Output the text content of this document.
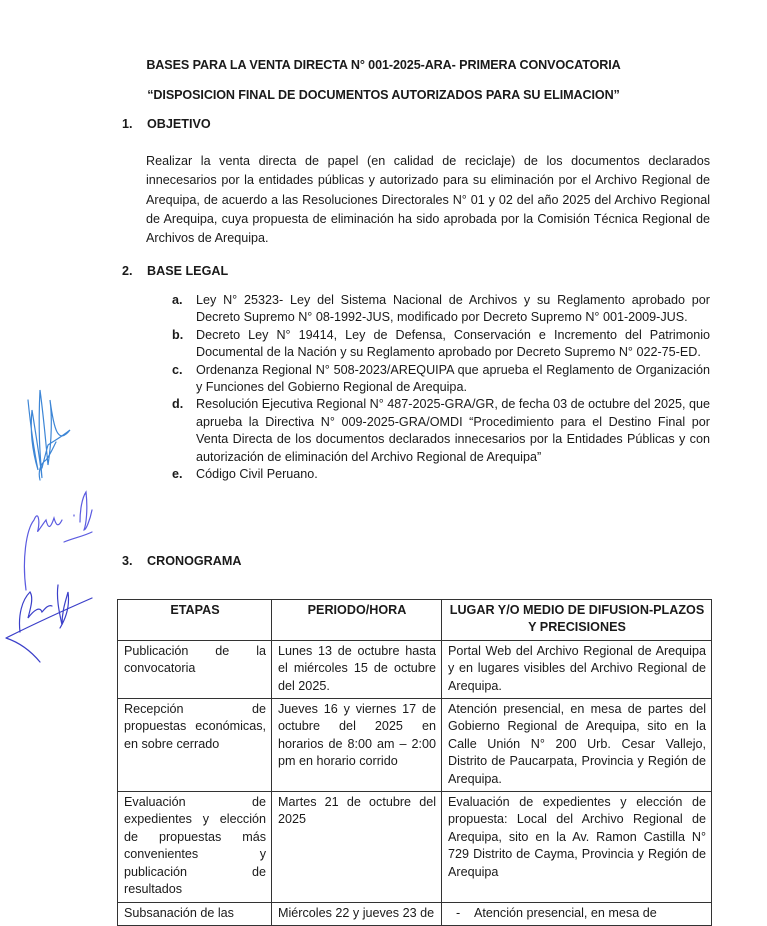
BASES PARA LA VENTA DIRECTA N° 001-2025-ARA- PRIMERA CONVOCATORIA
“DISPOSICION FINAL DE DOCUMENTOS AUTORIZADOS PARA SU ELIMACION”
1. OBJETIVO

Realizar la venta directa de papel (en calidad de reciclaje) de los documentos declarados innecesarios por la entidades públicas y autorizado para su eliminación por el Archivo Regional de Arequipa, de acuerdo a las Resoluciones Directorales N° 01 y 02 del año 2025 del Archivo Regional de Arequipa, cuya propuesta de eliminación ha sido aprobada por la Comisión Técnica Regional de Archivos de Arequipa.

2. BASE LEGAL
a. Ley N° 25323- Ley del Sistema Nacional de Archivos y su Reglamento aprobado por Decreto Supremo N° 08-1992-JUS, modificado por Decreto Supremo N° 001-2009-JUS.
b. Decreto Ley N° 19414, Ley de Defensa, Conservación e Incremento del Patrimonio Documental de la Nación y su Reglamento aprobado por Decreto Supremo N° 022-75-ED.
c. Ordenanza Regional N° 508-2023/AREQUIPA que aprueba el Reglamento de Organización y Funciones del Gobierno Regional de Arequipa.
d. Resolución Ejecutiva Regional N° 487-2025-GRA/GR, de fecha 03 de octubre del 2025, que aprueba la Directiva N° 009-2025-GRA/OMDI “Procedimiento para el Destino Final por Venta Directa de los documentos declarados innecesarios por la Entidades Públicas y con autorización de eliminación del Archivo Regional de Arequipa”
e. Código Civil Peruano.
3. CRONOGRAMA
ETAPAS	PERIODO/HORA	LUGAR Y/O MEDIO DE DIFUSION-PLAZOS Y PRECISIONES
Publicación de la convocatoria	Lunes 13 de octubre hasta el miércoles 15 de octubre del 2025.	Portal Web del Archivo Regional de Arequipa y en lugares visibles del Archivo Regional de Arequipa.
Recepción de propuestas económicas, en sobre cerrado	Jueves 16 y viernes 17 de octubre del 2025 en horarios de 8:00 am – 2:00 pm en horario corrido	Atención presencial, en mesa de partes del Gobierno Regional de Arequipa, sito en la Calle Unión N° 200 Urb. Cesar Vallejo, Distrito de Paucarpata, Provincia y Región de Arequipa.
Evaluación de expedientes y elección de propuestas más convenientes y publicación de resultados	Martes 21 de octubre del 2025	Evaluación de expedientes y elección de propuesta: Local del Archivo Regional de Arequipa, sito en la Av. Ramon Castilla N° 729 Distrito de Cayma, Provincia y Región de Arequipa
Subsanación de las	Miércoles 22 y jueves 23 de	- Atención presencial, en mesa de
